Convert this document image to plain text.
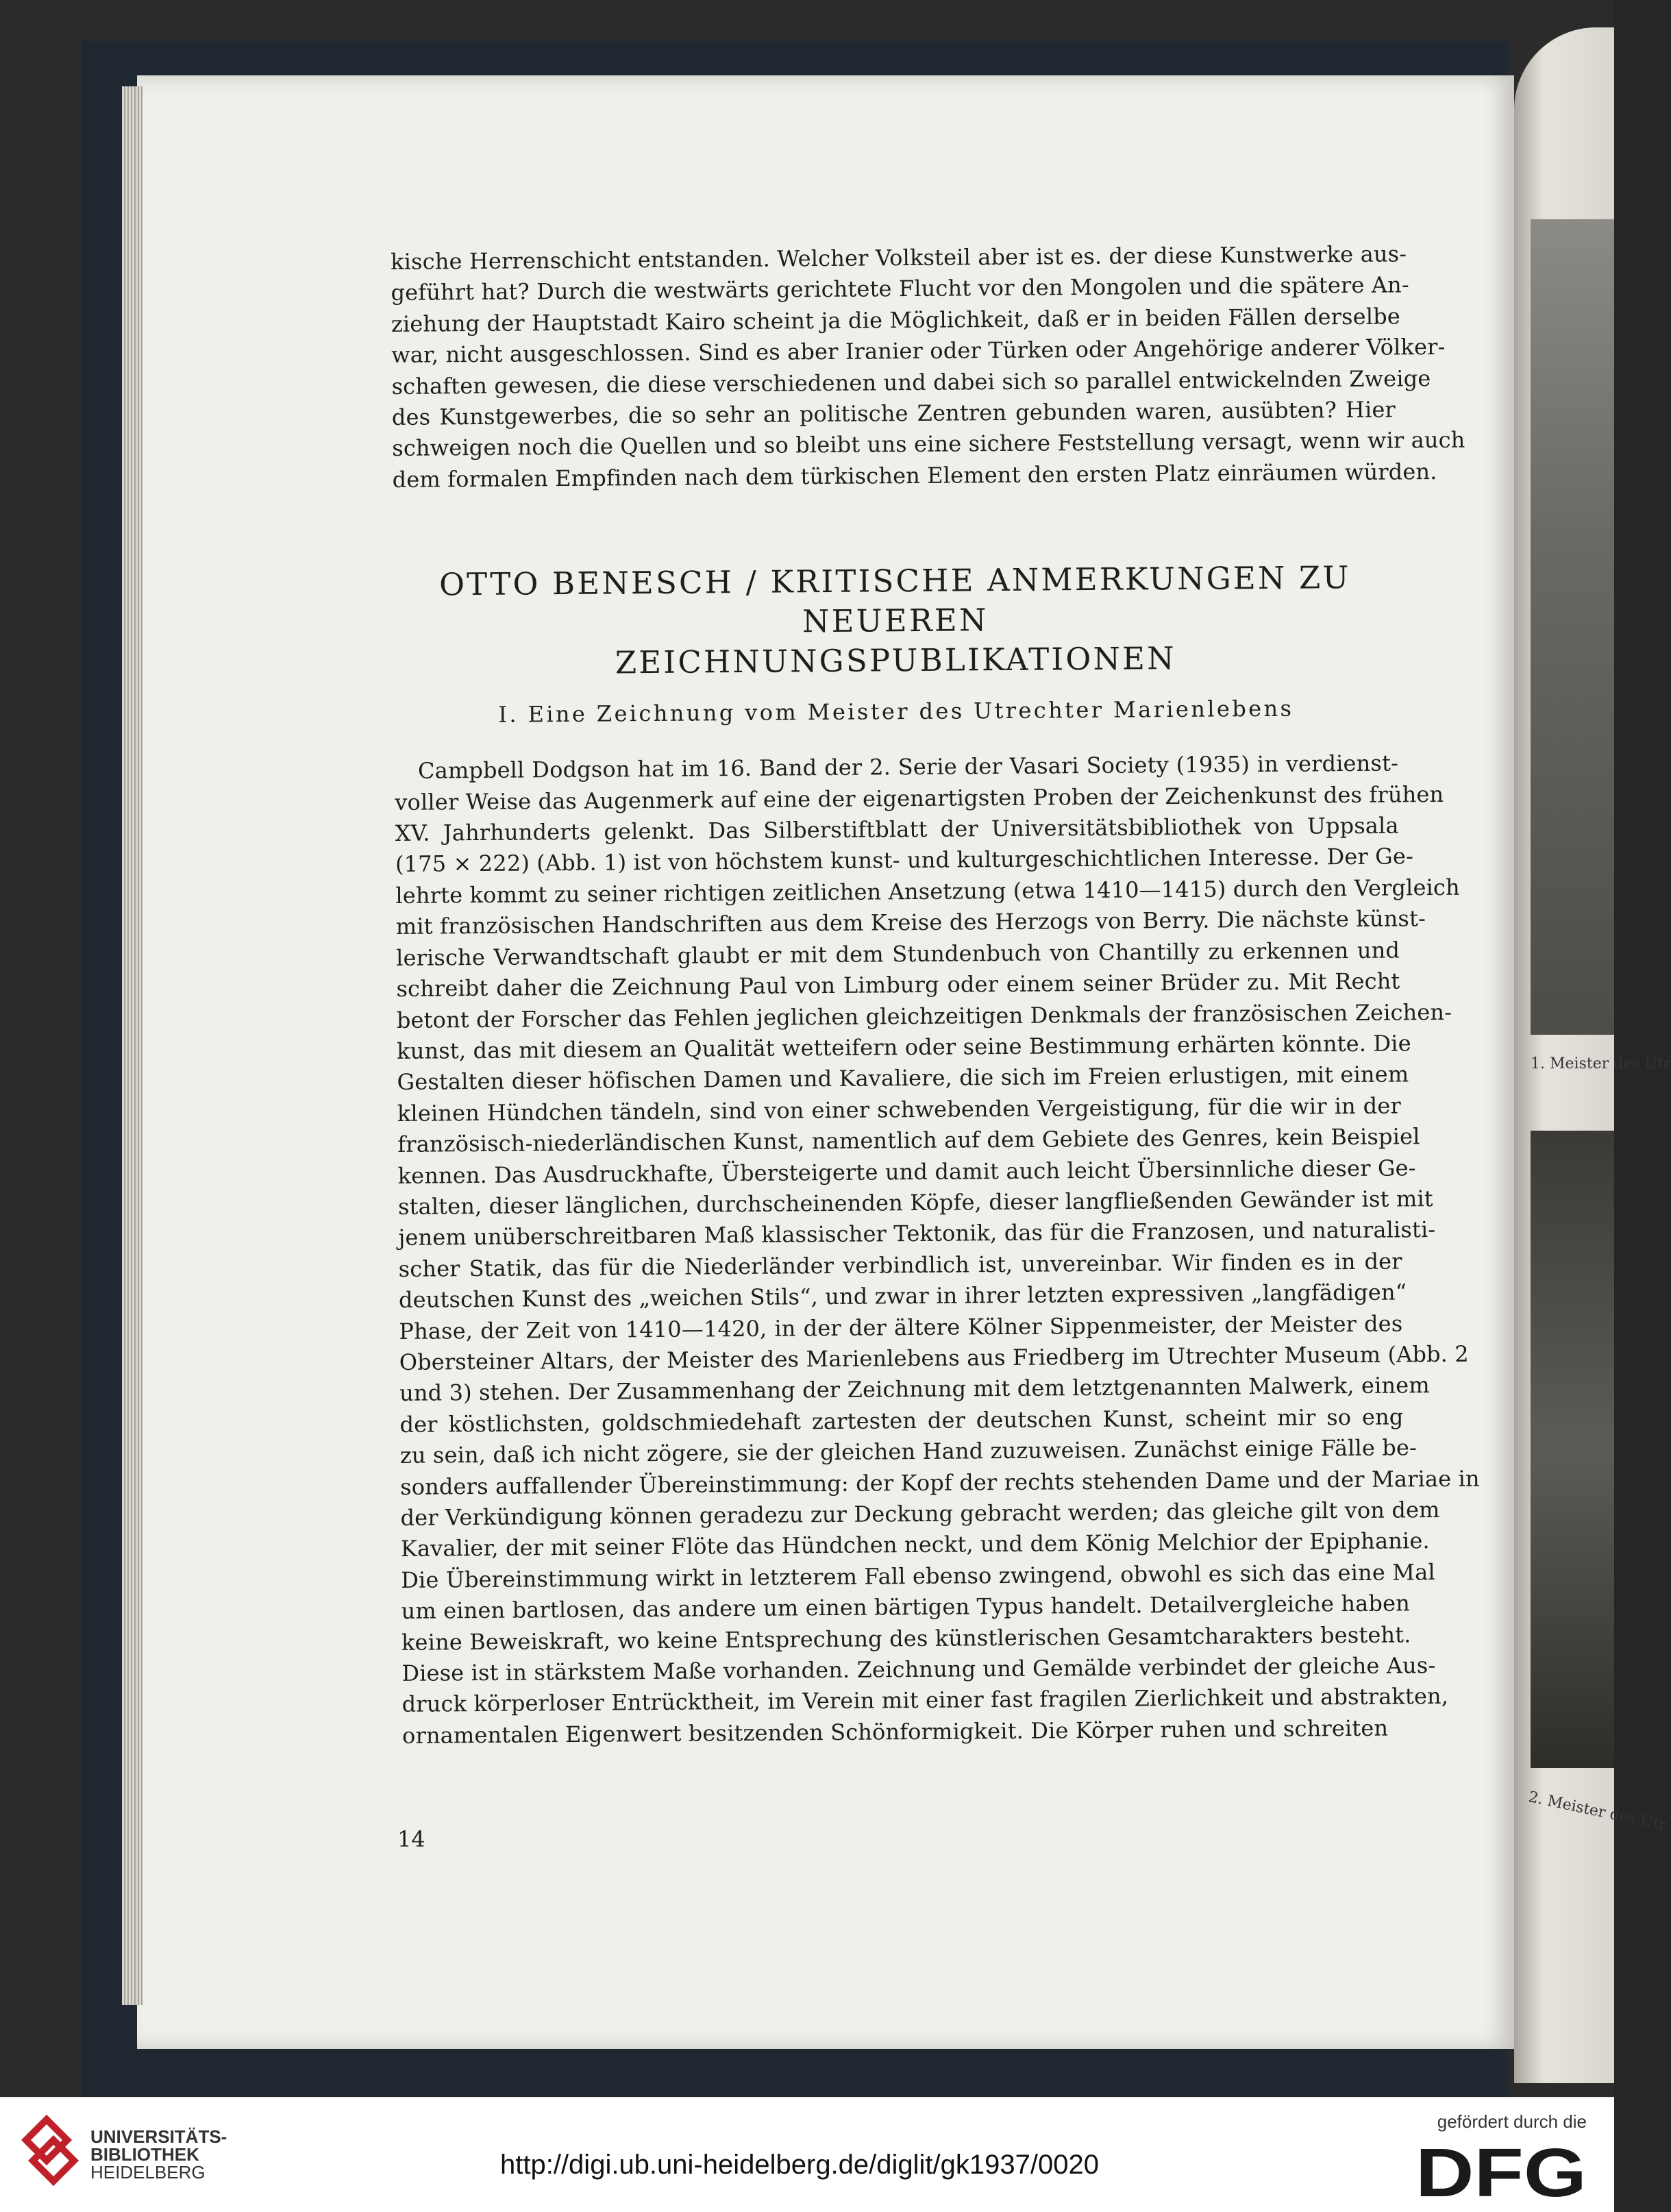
1. Meister des Utr
2. Meister des Utr

kische Herrenschicht entstanden. Welcher Volksteil aber ist es. der diese Kunstwerke aus-
geführt hat? Durch die westwärts gerichtete Flucht vor den Mongolen und die spätere An-
ziehung der Hauptstadt Kairo scheint ja die Möglichkeit, daß er in beiden Fällen derselbe
war, nicht ausgeschlossen. Sind es aber Iranier oder Türken oder Angehörige anderer Völker-
schaften gewesen, die diese verschiedenen und dabei sich so parallel entwickelnden Zweige
des Kunstgewerbes, die so sehr an politische Zentren gebunden waren, ausübten? Hier
schweigen noch die Quellen und so bleibt uns eine sichere Feststellung versagt, wenn wir auch
dem formalen Empfinden nach dem türkischen Element den ersten Platz einräumen würden.

OTTO BENESCH / KRITISCHE ANMERKUNGEN ZU NEUEREN
ZEICHNUNGSPUBLIKATIONEN
I. Eine Zeichnung vom Meister des Utrechter Marienlebens

Campbell Dodgson hat im 16. Band der 2. Serie der Vasari Society (1935) in verdienst-
voller Weise das Augenmerk auf eine der eigenartigsten Proben der Zeichenkunst des frühen
XV. Jahrhunderts gelenkt. Das Silberstiftblatt der Universitätsbibliothek von Uppsala
(175 × 222) (Abb. 1) ist von höchstem kunst- und kulturgeschichtlichen Interesse. Der Ge-
lehrte kommt zu seiner richtigen zeitlichen Ansetzung (etwa 1410—1415) durch den Vergleich
mit französischen Handschriften aus dem Kreise des Herzogs von Berry. Die nächste künst-
lerische Verwandtschaft glaubt er mit dem Stundenbuch von Chantilly zu erkennen und
schreibt daher die Zeichnung Paul von Limburg oder einem seiner Brüder zu. Mit Recht
betont der Forscher das Fehlen jeglichen gleichzeitigen Denkmals der französischen Zeichen-
kunst, das mit diesem an Qualität wetteifern oder seine Bestimmung erhärten könnte. Die
Gestalten dieser höfischen Damen und Kavaliere, die sich im Freien erlustigen, mit einem
kleinen Hündchen tändeln, sind von einer schwebenden Vergeistigung, für die wir in der
französisch-niederländischen Kunst, namentlich auf dem Gebiete des Genres, kein Beispiel
kennen. Das Ausdruckhafte, Übersteigerte und damit auch leicht Übersinnliche dieser Ge-
stalten, dieser länglichen, durchscheinenden Köpfe, dieser langfließenden Gewänder ist mit
jenem unüberschreitbaren Maß klassischer Tektonik, das für die Franzosen, und naturalisti-
scher Statik, das für die Niederländer verbindlich ist, unvereinbar. Wir finden es in der
deutschen Kunst des „weichen Stils“, und zwar in ihrer letzten expressiven „langfädigen“
Phase, der Zeit von 1410—1420, in der der ältere Kölner Sippenmeister, der Meister des
Obersteiner Altars, der Meister des Marienlebens aus Friedberg im Utrechter Museum (Abb. 2
und 3) stehen. Der Zusammenhang der Zeichnung mit dem letztgenannten Malwerk, einem
der köstlichsten, goldschmiedehaft zartesten der deutschen Kunst, scheint mir so eng
zu sein, daß ich nicht zögere, sie der gleichen Hand zuzuweisen. Zunächst einige Fälle be-
sonders auffallender Übereinstimmung: der Kopf der rechts stehenden Dame und der Mariae in
der Verkündigung können geradezu zur Deckung gebracht werden; das gleiche gilt von dem
Kavalier, der mit seiner Flöte das Hündchen neckt, und dem König Melchior der Epiphanie.
Die Übereinstimmung wirkt in letzterem Fall ebenso zwingend, obwohl es sich das eine Mal
um einen bartlosen, das andere um einen bärtigen Typus handelt. Detailvergleiche haben
keine Beweiskraft, wo keine Entsprechung des künstlerischen Gesamtcharakters besteht.
Diese ist in stärkstem Maße vorhanden. Zeichnung und Gemälde verbindet der gleiche Aus-
druck körperloser Entrücktheit, im Verein mit einer fast fragilen Zierlichkeit und abstrakten,
ornamentalen Eigenwert besitzenden Schönformigkeit. Die Körper ruhen und schreiten

14
UNIVERSITÄTS-
BIBLIOTHEK
HEIDELBERG	http://digi.ub.uni-heidelberg.de/diglit/gk1937/0020
gefördert durch die
DFG
